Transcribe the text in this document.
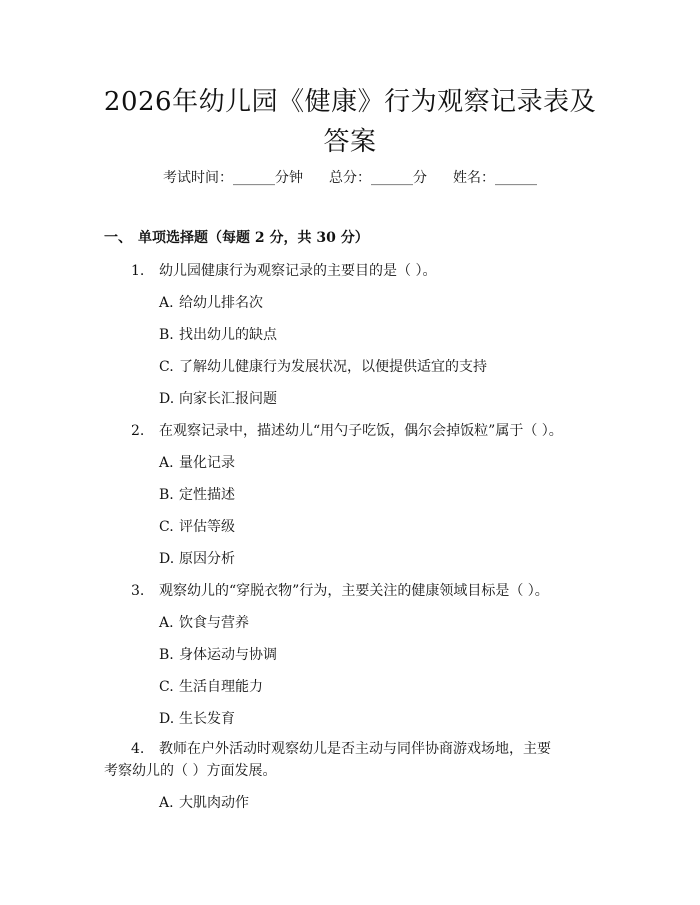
2026年幼儿园《健康》行为观察记录表及答案
考试时间：______分钟 总分：______分 姓名：______
一、 单项选择题（每题 2 分，共 30 分）
1. 幼儿园健康行为观察记录的主要目的是（ ）。
A. 给幼儿排名次
B. 找出幼儿的缺点
C. 了解幼儿健康行为发展状况，以便提供适宜的支持
D. 向家长汇报问题
2. 在观察记录中，描述幼儿“用勺子吃饭，偶尔会掉饭粒”属于（ ）。
A. 量化记录
B. 定性描述
C. 评估等级
D. 原因分析
3. 观察幼儿的“穿脱衣物”行为，主要关注的健康领域目标是（ ）。
A. 饮食与营养
B. 身体运动与协调
C. 生活自理能力
D. 生长发育
4. 教师在户外活动时观察幼儿是否主动与同伴协商游戏场地，主要考察幼儿的（ ）方面发展。
A. 大肌肉动作
